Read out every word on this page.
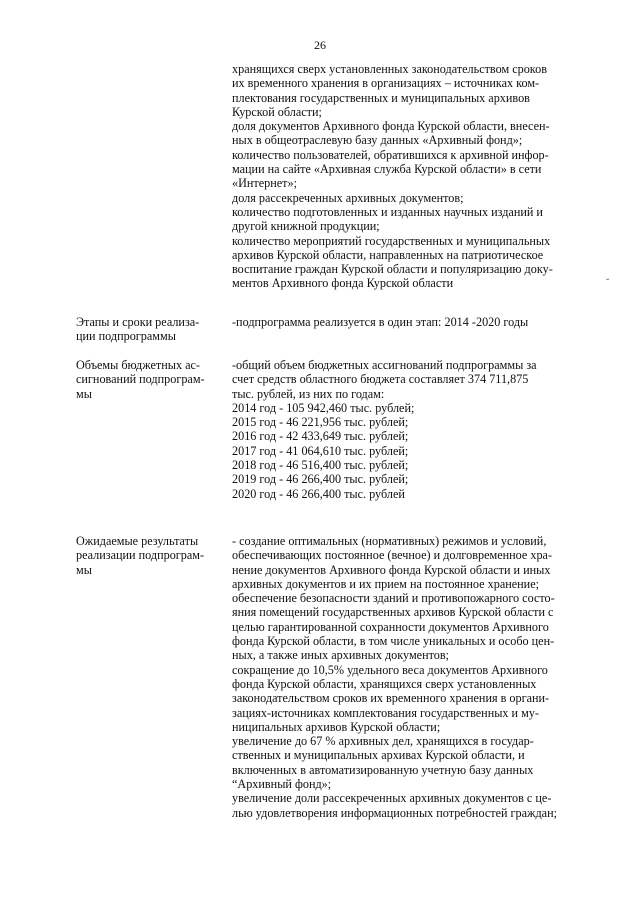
26
хранящихся сверх установленных законодательством сроков
их временного хранения в организациях – источниках ком-
плектования государственных и муниципальных архивов
Курской области;
доля документов Архивного фонда Курской области, внесен-
ных в общеотраслевую базу данных «Архивный фонд»;
количество пользователей, обратившихся к архивной инфор-
мации на сайте «Архивная служба Курской области» в сети
«Интернет»;
доля рассекреченных архивных документов;
количество подготовленных и изданных научных изданий и
другой книжной продукции;
количество мероприятий государственных и муниципальных
архивов Курской области, направленных на патриотическое
воспитание граждан Курской области и популяризацию доку-
ментов Архивного фонда Курской области	ˇ
Этапы и сроки реализа-
ции подпрограммы
-подпрограмма реализуется в один этап: 2014 -2020 годы
Объемы бюджетных ас-
сигнований подпрограм-
мы
-общий объем бюджетных ассигнований подпрограммы за
счет средств областного бюджета составляет 374 711,875
тыс. рублей, из них по годам:
2014 год - 105 942,460 тыс. рублей;
2015 год - 46 221,956 тыс. рублей;
2016 год - 42 433,649 тыс. рублей;
2017 год - 41 064,610 тыс. рублей;
2018 год - 46 516,400 тыс. рублей;
2019 год - 46 266,400 тыс. рублей;
2020 год - 46 266,400 тыс. рублей
Ожидаемые результаты
реализации подпрограм-
мы
- создание оптимальных (нормативных) режимов и условий,
обеспечивающих постоянное (вечное) и долговременное хра-
нение документов Архивного фонда Курской области и иных
архивных документов и их прием на постоянное хранение;
обеспечение безопасности зданий и противопожарного состо-
яния помещений государственных архивов Курской области с
целью гарантированной сохранности документов Архивного
фонда Курской области, в том числе уникальных и особо цен-
ных, а также иных архивных документов;
сокращение до 10,5% удельного веса документов Архивного
фонда Курской области, хранящихся сверх установленных
законодательством сроков их временного хранения в органи-
зациях-источниках комплектования государственных и му-
ниципальных архивов Курской области;
увеличение до 67 % архивных дел, хранящихся в государ-
ственных и муниципальных архивах Курской области, и
включенных в автоматизированную учетную базу данных
“Архивный фонд»;
увеличение доли рассекреченных архивных документов с це-
лью удовлетворения информационных потребностей граждан;
